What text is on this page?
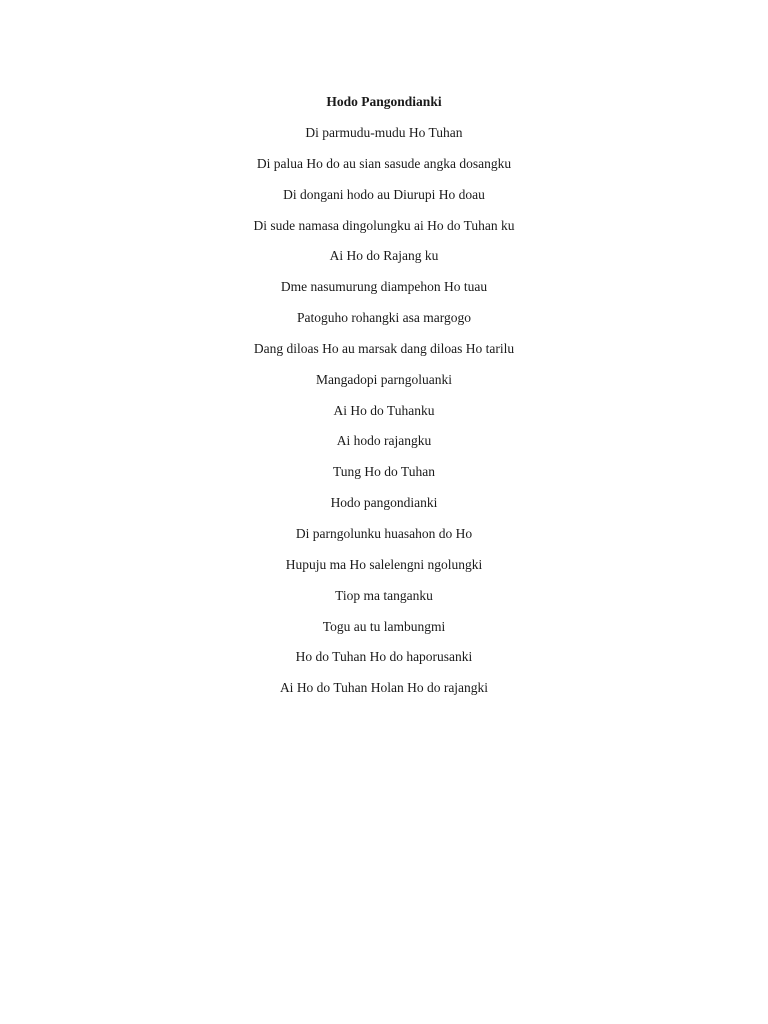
Hodo Pangondianki
Di parmudu-mudu Ho Tuhan
Di palua Ho do au sian sasude angka dosangku
Di dongani hodo au Diurupi Ho doau
Di sude namasa dingolungku ai Ho do Tuhan ku
Ai Ho do Rajang ku
Dme nasumurung diampehon Ho tuau
Patoguho rohangki asa margogo
Dang diloas Ho au marsak dang diloas Ho tarilu
Mangadopi parngoluanki
Ai Ho do Tuhanku
Ai hodo rajangku
Tung Ho do Tuhan
Hodo pangondianki
Di parngolunku huasahon do Ho
Hupuju ma Ho salelengni ngolungki
Tiop ma tanganku
Togu au tu lambungmi
Ho do Tuhan Ho do haporusanki
Ai Ho do Tuhan Holan Ho do rajangki
